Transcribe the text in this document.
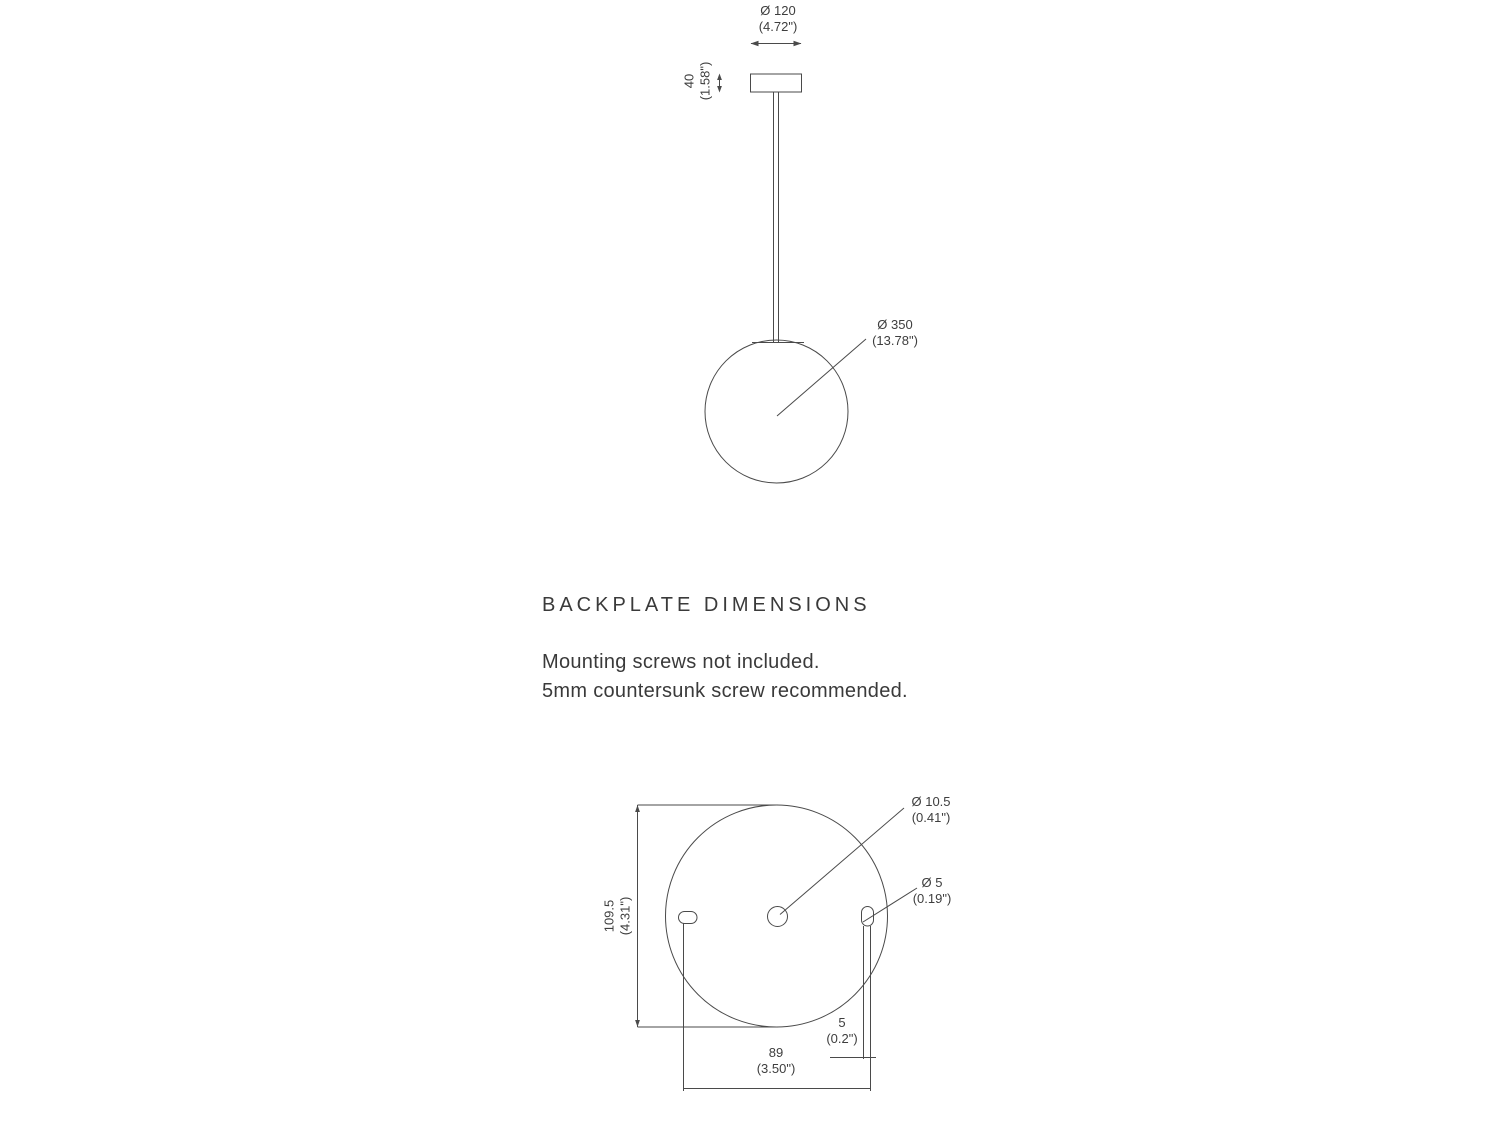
Ø 120
(4.72")
40 (1.58")
Ø 350
(13.78")
BACKPLATE DIMENSIONS
Mounting screws not included.
5mm countersunk screw recommended.
109.5 (4.31")
Ø 10.5
(0.41")
Ø 5
(0.19")
5
(0.2")
89
(3.50")
